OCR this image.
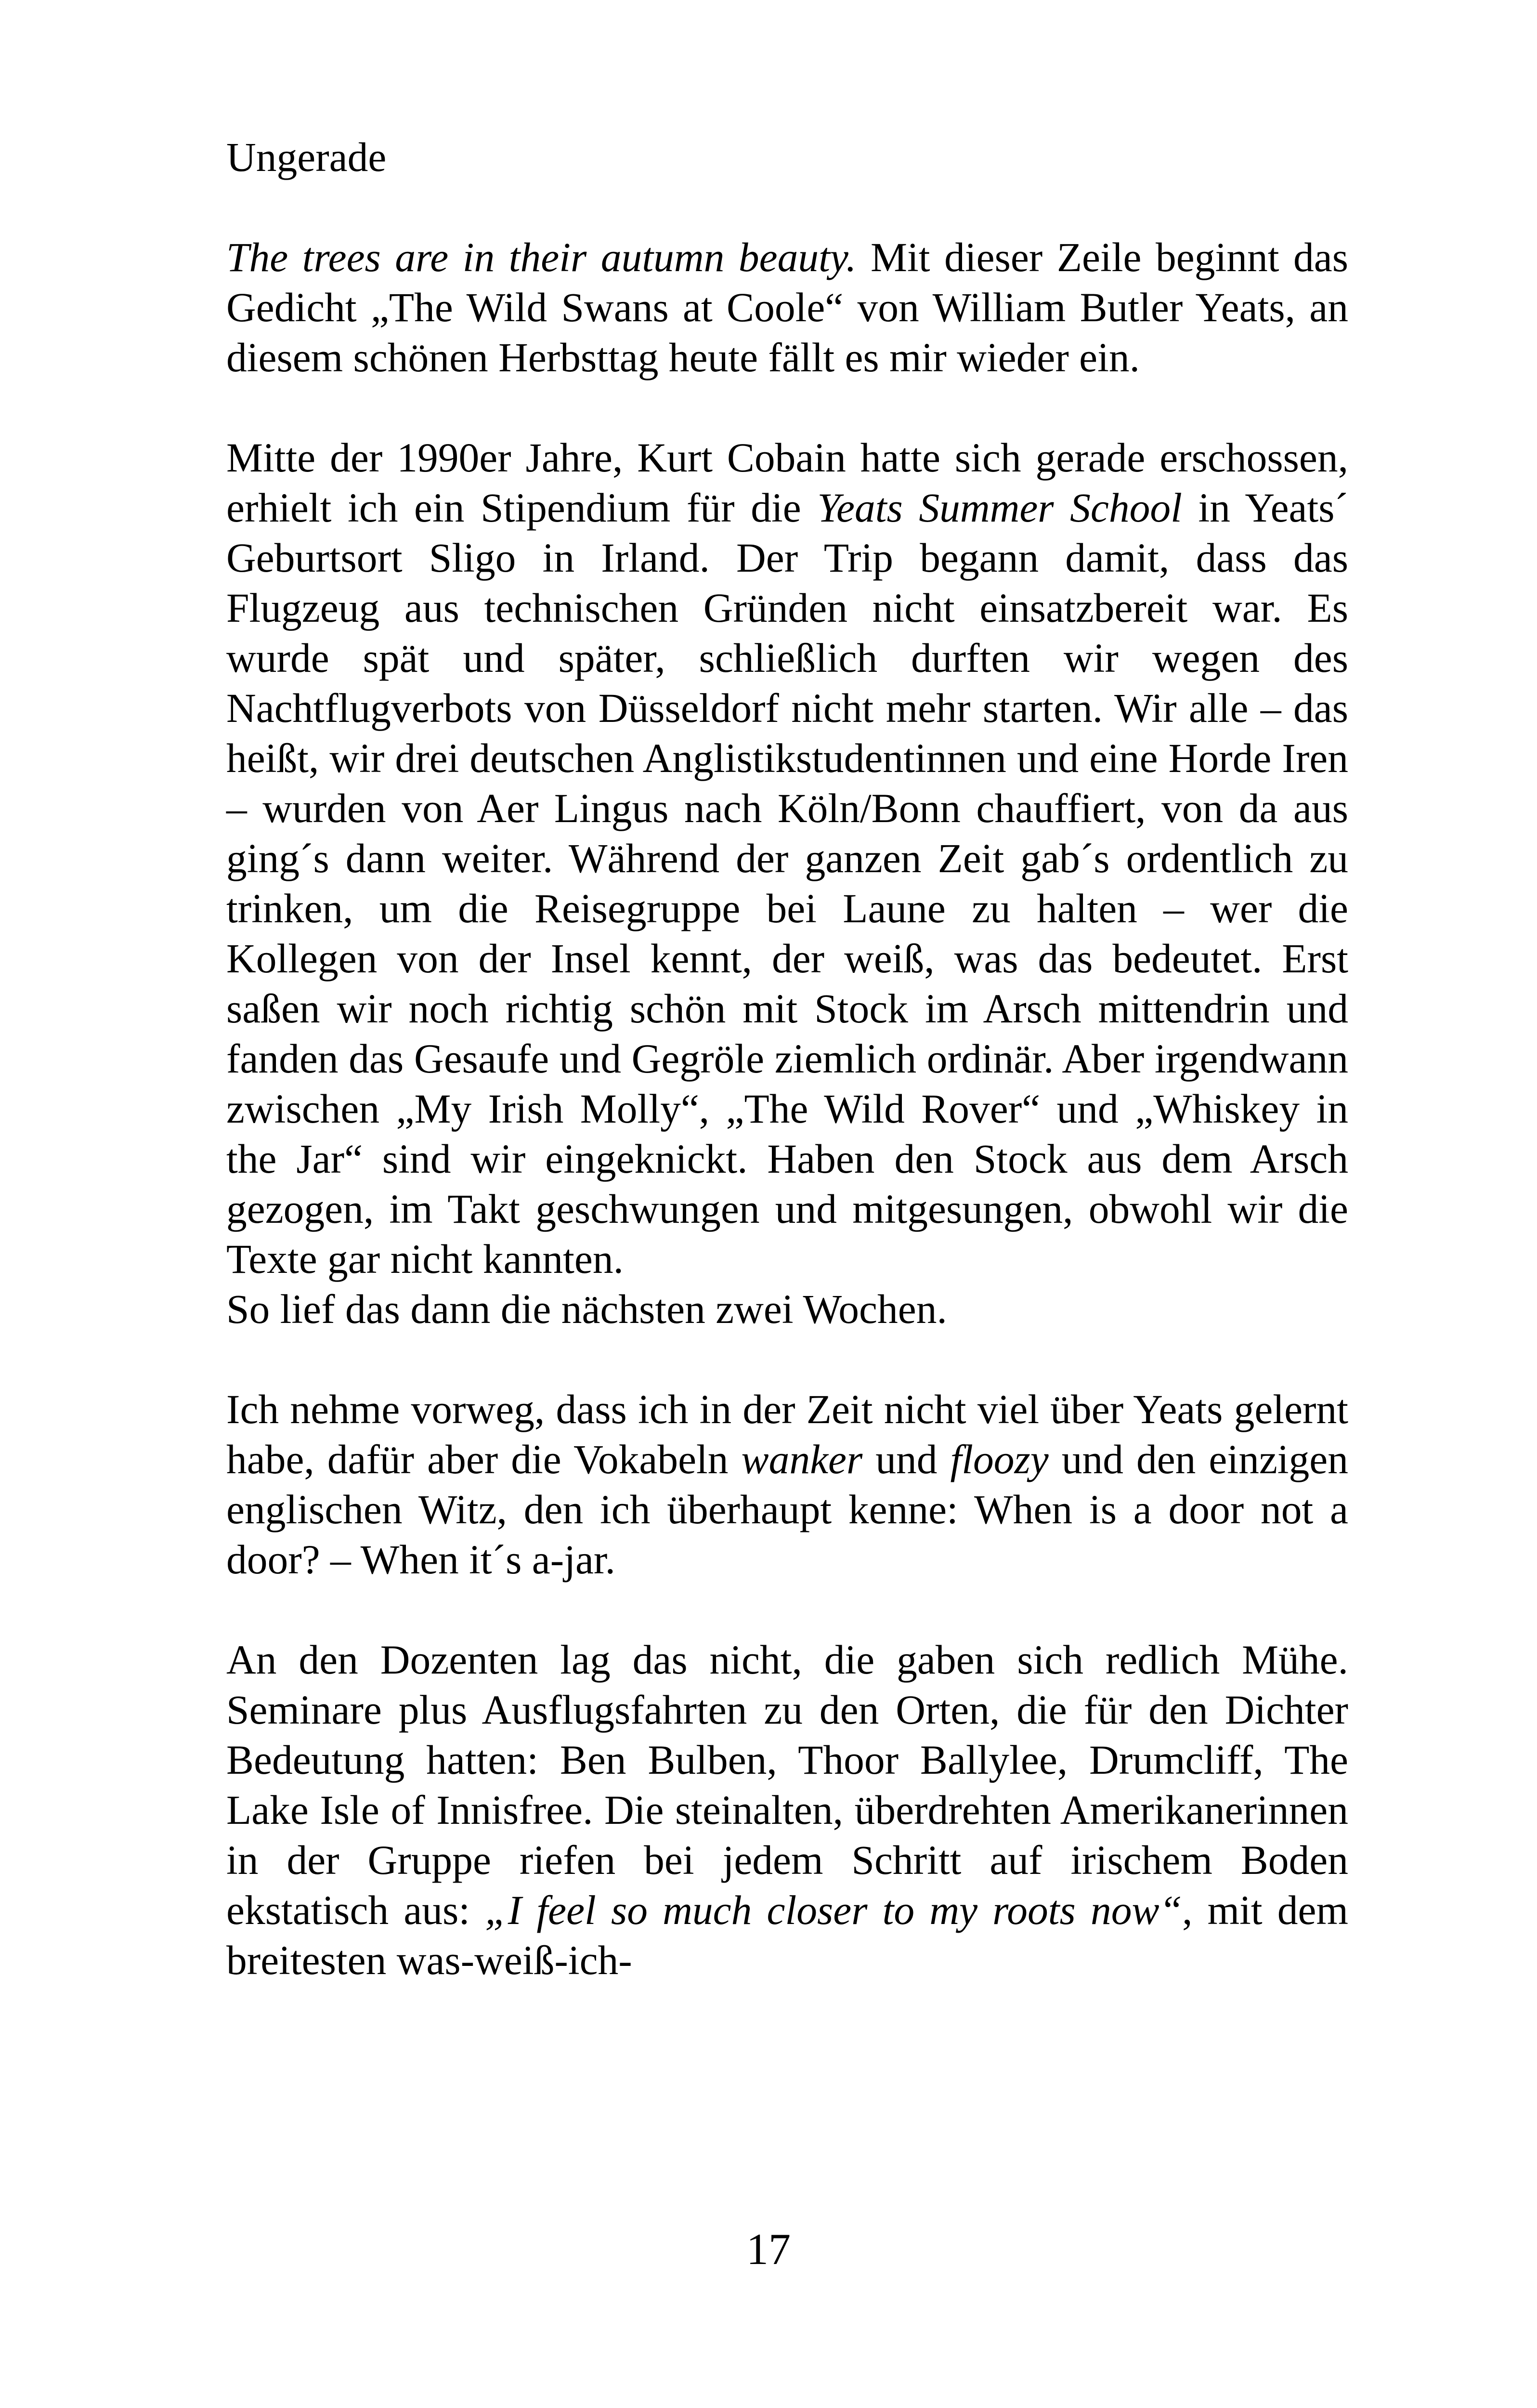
Ungerade

The trees are in their autumn beauty. Mit dieser Zeile beginnt das Gedicht „The Wild Swans at Coole“ von William Butler Yeats, an diesem schönen Herbsttag heute fällt es mir wieder ein.

Mitte der 1990er Jahre, Kurt Cobain hatte sich gerade erschossen, erhielt ich ein Stipendium für die Yeats Summer School in Yeats´ Geburtsort Sligo in Irland. Der Trip begann damit, dass das Flugzeug aus technischen Gründen nicht einsatzbereit war. Es wurde spät und später, schließlich durften wir wegen des Nachtflugverbots von Düsseldorf nicht mehr starten. Wir alle – das heißt, wir drei deutschen Anglistikstudentinnen und eine Horde Iren – wurden von Aer Lingus nach Köln/Bonn chauffiert, von da aus ging´s dann weiter. Während der ganzen Zeit gab´s ordentlich zu trinken, um die Reisegruppe bei Laune zu halten – wer die Kollegen von der Insel kennt, der weiß, was das bedeutet. Erst saßen wir noch richtig schön mit Stock im Arsch mittendrin und fanden das Gesaufe und Gegröle ziemlich ordinär. Aber irgendwann zwischen „My Irish Molly“, „The Wild Rover“ und „Whiskey in the Jar“ sind wir eingeknickt. Haben den Stock aus dem Arsch gezogen, im Takt geschwungen und mitgesungen, obwohl wir die Texte gar nicht kannten.

So lief das dann die nächsten zwei Wochen.

Ich nehme vorweg, dass ich in der Zeit nicht viel über Yeats gelernt habe, dafür aber die Vokabeln wanker und floozy und den einzigen englischen Witz, den ich überhaupt kenne: When is a door not a door? – When it´s a-jar.

An den Dozenten lag das nicht, die gaben sich redlich Mühe. Seminare plus Ausflugsfahrten zu den Orten, die für den Dichter Bedeutung hatten: Ben Bulben, Thoor Ballylee, Drumcliff, The Lake Isle of Innisfree. Die steinalten, überdrehten Amerikanerinnen in der Gruppe riefen bei jedem Schritt auf irischem Boden ekstatisch aus: „I feel so much closer to my roots now“, mit dem breitesten was-weiß-ich-

17
